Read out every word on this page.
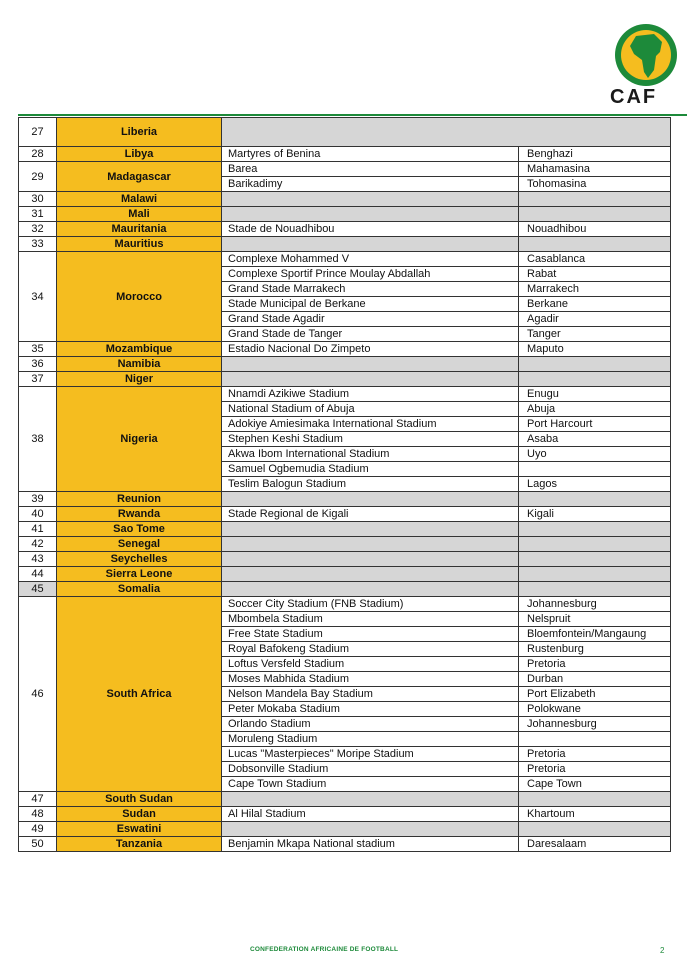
CAF
27	Liberia		
28	Libya	Martyres of Benina	Benghazi
29	Madagascar	Barea	Mahamasina
		Barikadimy	Tohomasina
30	Malawi		
31	Mali		
32	Mauritania	Stade de Nouadhibou	Nouadhibou
33	Mauritius		
34	Morocco	Complexe Mohammed V	Casablanca
		Complexe Sportif Prince Moulay Abdallah	Rabat
		Grand Stade Marrakech	Marrakech
		Stade Municipal de Berkane	Berkane
		Grand Stade Agadir	Agadir
		Grand Stade de Tanger	Tanger
35	Mozambique	Estadio Nacional Do Zimpeto	Maputo
36	Namibia		
37	Niger		
38	Nigeria	Nnamdi Azikiwe Stadium	Enugu
		National Stadium of Abuja	Abuja
		Adokiye Amiesimaka International Stadium	Port Harcourt
		Stephen Keshi Stadium	Asaba
		Akwa Ibom International Stadium	Uyo
		Samuel Ogbemudia Stadium	
		Teslim Balogun Stadium	Lagos
39	Reunion		
40	Rwanda	Stade Regional de Kigali	Kigali
41	Sao Tome		
42	Senegal		
43	Seychelles		
44	Sierra Leone		
45	Somalia		
46	South Africa	Soccer City Stadium (FNB Stadium)	Johannesburg
		Mbombela Stadium	Nelspruit
		Free State Stadium	Bloemfontein/Mangaung
		Royal Bafokeng Stadium	Rustenburg
		Loftus Versfeld Stadium	Pretoria
		Moses Mabhida Stadium	Durban
		Nelson Mandela Bay Stadium	Port Elizabeth
		Peter Mokaba Stadium	Polokwane
		Orlando Stadium	Johannesburg
		Moruleng Stadium	
		Lucas "Masterpieces" Moripe Stadium	Pretoria
		Dobsonville Stadium	Pretoria
		Cape Town Stadium	Cape Town
47	South Sudan		
48	Sudan	Al Hilal Stadium	Khartoum
49	Eswatini		
50	Tanzania	Benjamin Mkapa National stadium	Daresalaam
CONFEDERATION AFRICAINE DE FOOTBALL	2
